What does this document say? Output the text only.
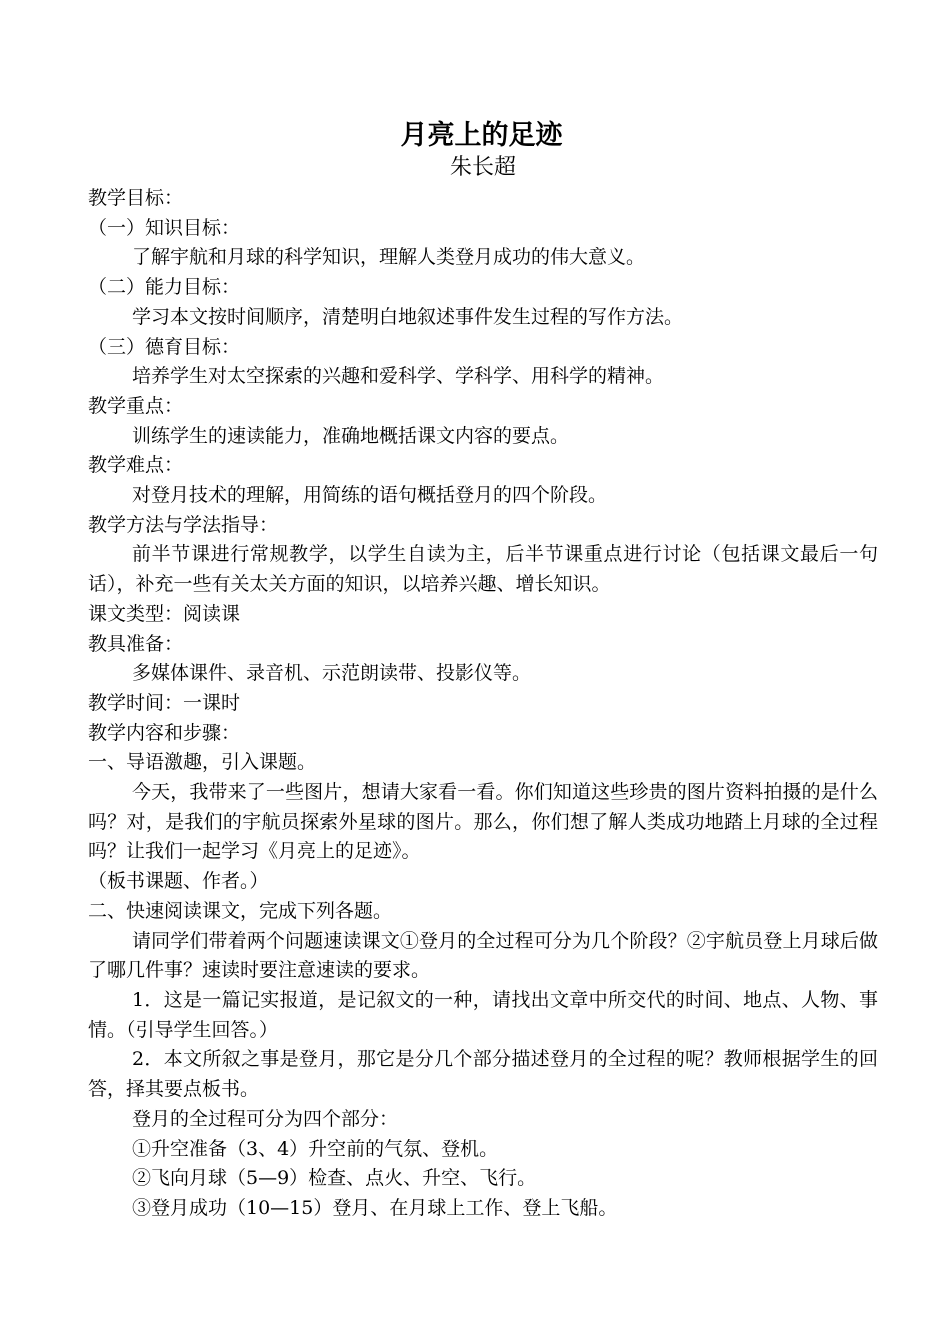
月亮上的足迹
朱长超
教学目标：
（一）知识目标：
了解宇航和月球的科学知识，理解人类登月成功的伟大意义。
（二）能力目标：
学习本文按时间顺序，清楚明白地叙述事件发生过程的写作方法。
（三）德育目标：
培养学生对太空探索的兴趣和爱科学、学科学、用科学的精神。
教学重点：
训练学生的速读能力，准确地概括课文内容的要点。
教学难点：
对登月技术的理解，用简练的语句概括登月的四个阶段。
教学方法与学法指导：
前半节课进行常规教学，以学生自读为主，后半节课重点进行讨论（包括课文最后一句话），补充一些有关太关方面的知识，以培养兴趣、增长知识。
课文类型：阅读课
教具准备：
多媒体课件、录音机、示范朗读带、投影仪等。
教学时间：一课时
教学内容和步骤：
一、导语激趣，引入课题。
今天，我带来了一些图片，想请大家看一看。你们知道这些珍贵的图片资料拍摄的是什么吗？对，是我们的宇航员探索外星球的图片。那么，你们想了解人类成功地踏上月球的全过程吗？让我们一起学习《月亮上的足迹》。
（板书课题、作者。）
二、快速阅读课文，完成下列各题。
请同学们带着两个问题速读课文①登月的全过程可分为几个阶段？②宇航员登上月球后做了哪几件事？速读时要注意速读的要求。
1．这是一篇记实报道，是记叙文的一种，请找出文章中所交代的时间、地点、人物、事情。（引导学生回答。）
2．本文所叙之事是登月，那它是分几个部分描述登月的全过程的呢？教师根据学生的回答，择其要点板书。
登月的全过程可分为四个部分：
①升空准备（3、4）升空前的气氛、登机。
②飞向月球（5—9）检查、点火、升空、飞行。
③登月成功（10—15）登月、在月球上工作、登上飞船。
